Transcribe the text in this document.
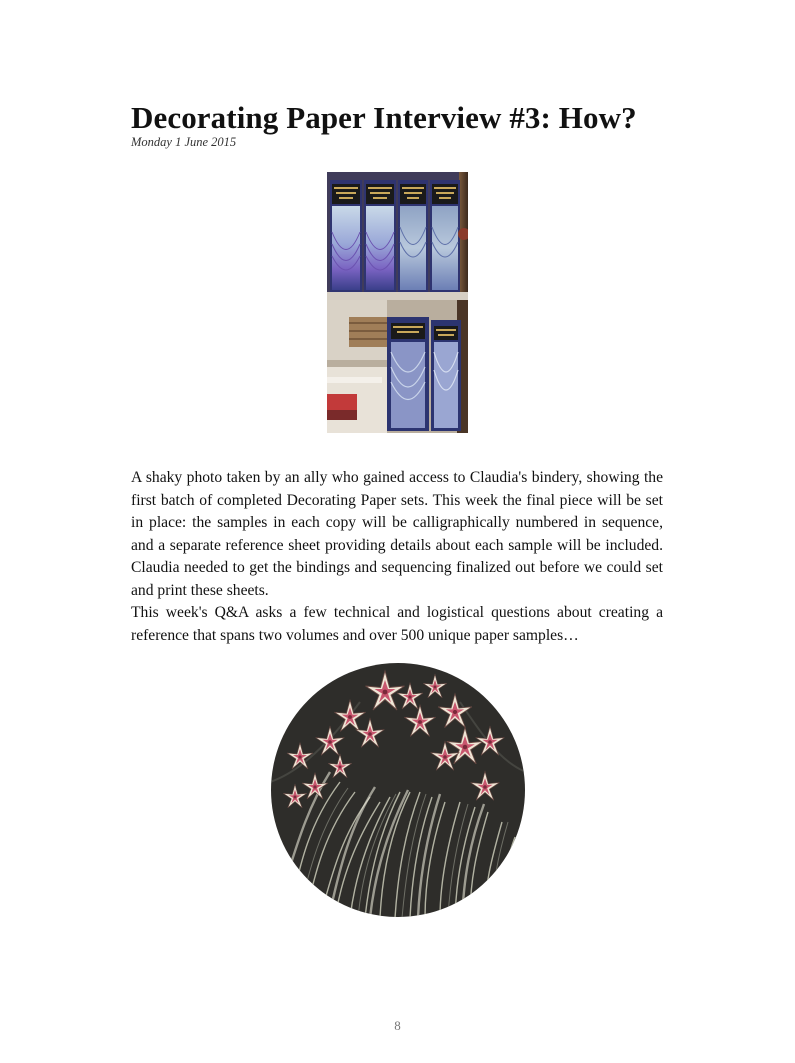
Decorating Paper Interview #3: How?
Monday 1 June 2015

A shaky photo taken by an ally who gained access to Claudia's bindery, showing the first batch of completed Decorating Paper sets. This week the final piece will be set in place: the samples in each copy will be calligraphically numbered in sequence, and a separate reference sheet providing details about each sample will be included. Claudia needed to get the bindings and sequencing finalized out before we could set and print these sheets.

This week's Q&A asks a few technical and logistical questions about creating a reference that spans two volumes and over 500 unique paper samples…

8
